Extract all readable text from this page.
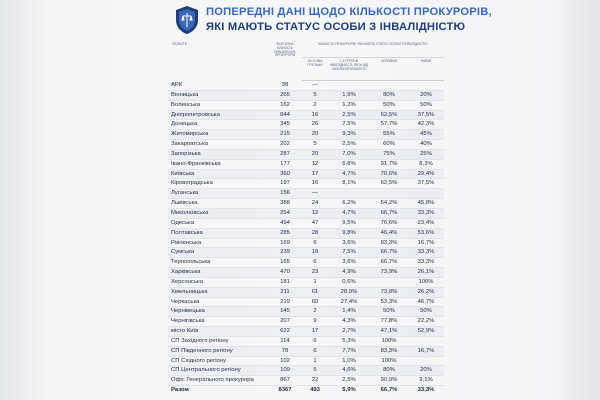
ПОПЕРЕДНІ ДАНІ ЩОДО КІЛЬКОСТІ ПРОКУРОРІВ,
ЯКІ МАЮТЬ СТАТУС ОСОБИ З ІНВАЛІДНІСТЮ
ОБЛАСТЬ	ФАКТИЧНА КІЛЬКІСТЬ ПРАЦЮЮЧИХ ПРОКУРОРІВ	КІЛЬКІСТЬ ПРОКУРОРІВ, ЯКІ МАЮТЬ СТАТУС ОСОБИ З ІНВАЛІДНІСТЮ			
		ЗА УСІМА ГРУПАМИ	І, ІІ ГРУППИ ІНВАЛІДНОСТІ, ЯК % ВІД ЗАГАЛЬНОЇ КІЛЬКОСТІ	ЧОЛОВІКИ	ЖІНКИ
АРК	38	—			
Вінницька	265	5	1,9%	80%	20%
Волинська	162	2	1,2%	50%	50%
Дніпропетровська	644	16	2,5%	62,5%	37,5%
Донецька	345	26	7,5%	57,7%	42,3%
Житомирська	215	20	9,3%	55%	45%
Закарпатська	202	5	2,5%	60%	40%
Запорізька	287	20	7,0%	75%	25%
Івано-Франківська	177	12	6,8%	91,7%	8,3%
Київська	360	17	4,7%	70,6%	29,4%
Кіровоградська	197	16	8,1%	62,5%	37,5%
Луганська	156	—			
Львівська	388	24	6,2%	54,2%	45,8%
Миколаївська	254	12	4,7%	66,7%	33,3%
Одеська	494	47	9,5%	76,6%	23,4%
Полтавська	285	28	9,8%	46,4%	53,6%
Рівненська	169	6	3,6%	83,3%	16,7%
Сумська	239	18	7,5%	66,7%	33,3%
Тернопільська	165	6	3,6%	66,7%	33,3%
Харківська	470	23	4,9%	73,9%	26,1%
Херсонська	181	1	0,6%		100%
Хмельницька	211	61	28,9%	73,8%	26,2%
Черкаська	219	60	27,4%	53,3%	46,7%
Чернівецька	145	2	1,4%	50%	50%
Чернігівська	207	9	4,3%	77,8%	22,2%
місто Київ	622	17	2,7%	47,1%	52,9%
СП Західного регіону	114	6	5,3%	100%	
СП Південного регіону	78	6	7,7%	83,3%	16,7%
СП Східного регіону	102	1	1,0%	100%	
СП Центрального регіону	109	5	4,6%	80%	20%
Офіс Генерального прокурора	867	22	2,5%	90,9%	9,1%
Разом	8367	493	5,9%	66,7%	33,3%
